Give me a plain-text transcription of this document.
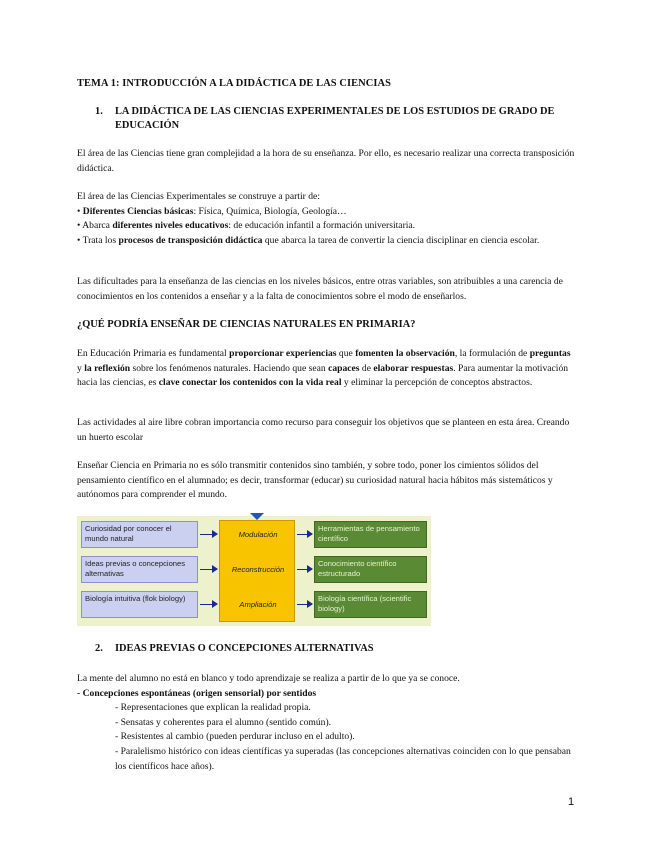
TEMA 1: INTRODUCCIÓN A LA DIDÁCTICA DE LAS CIENCIAS
1. LA DIDÁCTICA DE LAS CIENCIAS EXPERIMENTALES DE LOS ESTUDIOS DE GRADO DE EDUCACIÓN

El área de las Ciencias tiene gran complejidad a la hora de su enseñanza. Por ello, es necesario realizar una correcta transposición didáctica.

El área de las Ciencias Experimentales se construye a partir de:

• Diferentes Ciencias básicas: Física, Química, Biología, Geología…

• Abarca diferentes niveles educativos: de educación infantil a formación universitaria.

• Trata los procesos de transposición didáctica que abarca la tarea de convertir la ciencia disciplinar en ciencia escolar.

Las dificultades para la enseñanza de las ciencias en los niveles básicos, entre otras variables, son atribuibles a una carencia de conocimientos en los contenidos a enseñar y a la falta de conocimientos sobre el modo de enseñarlos.

¿QUÉ PODRÍA ENSEÑAR DE CIENCIAS NATURALES EN PRIMARIA?

En Educación Primaria es fundamental proporcionar experiencias que fomenten la observación, la formulación de preguntas y la reflexión sobre los fenómenos naturales. Haciendo que sean capaces de elaborar respuestas. Para aumentar la motivación hacia las ciencias, es clave conectar los contenidos con la vida real y eliminar la percepción de conceptos abstractos.

Las actividades al aire libre cobran importancia como recurso para conseguir los objetivos que se planteen en esta área. Creando un huerto escolar

Enseñar Ciencia en Primaria no es sólo transmitir contenidos sino también, y sobre todo, poner los cimientos sólidos del pensamiento científico en el alumnado; es decir, transformar (educar) su curiosidad natural hacia hábitos más sistemáticos y autónomos para comprender el mundo.

Curiosidad por conocer el mundo natural
Ideas previas o concepciones alternativas
Biología intuitiva (flok biology)
Modulación
Reconstrucción
Ampliación
Herramientas de pensamiento científico
Conocimiento científico estructurado
Biología científica (scientific biology)
2. IDEAS PREVIAS O CONCEPCIONES ALTERNATIVAS

La mente del alumno no está en blanco y todo aprendizaje se realiza a partir de lo que ya se conoce.

- Concepciones espontáneas (origen sensorial) por sentidos

- Representaciones que explican la realidad propia.

- Sensatas y coherentes para el alumno (sentido común).

- Resistentes al cambio (pueden perdurar incluso en el adulto).

- Paralelismo histórico con ideas científicas ya superadas (las concepciones alternativas coinciden con lo que pensaban los científicos hace años).

1
